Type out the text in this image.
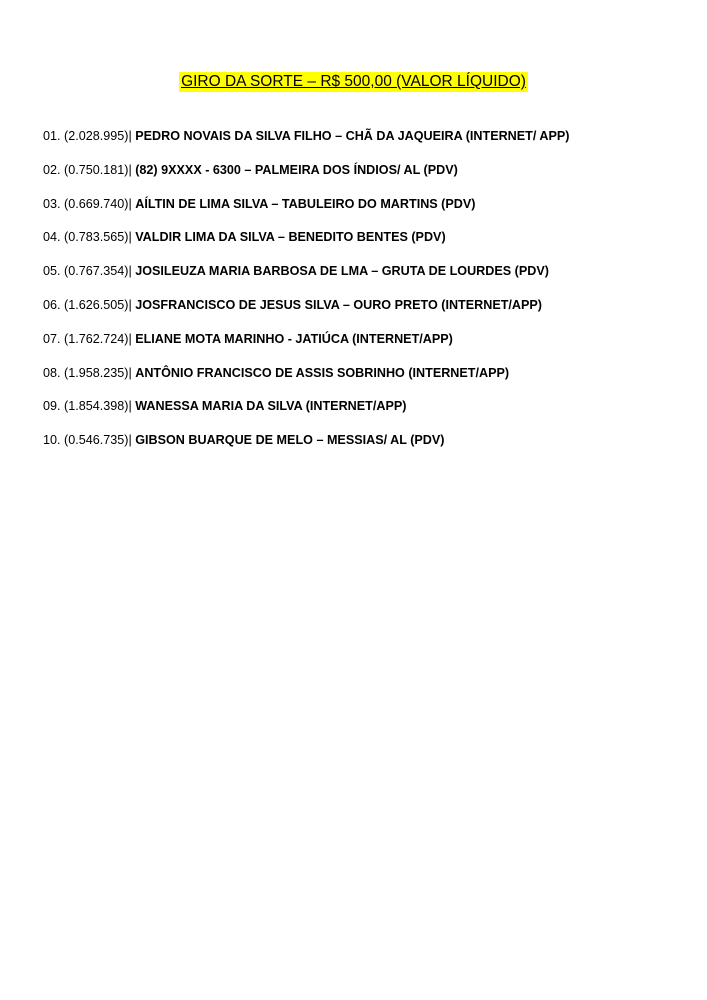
GIRO DA SORTE – R$ 500,00 (VALOR LÍQUIDO)
01. (2.028.995)| PEDRO NOVAIS DA SILVA FILHO – CHÃ DA JAQUEIRA (INTERNET/ APP)
02. (0.750.181)| (82) 9XXXX - 6300 – PALMEIRA DOS ÍNDIOS/ AL (PDV)
03. (0.669.740)| AÍLTIN DE LIMA SILVA – TABULEIRO DO MARTINS (PDV)
04. (0.783.565)| VALDIR LIMA DA SILVA – BENEDITO BENTES (PDV)
05. (0.767.354)| JOSILEUZA MARIA BARBOSA DE LMA – GRUTA DE LOURDES (PDV)
06. (1.626.505)| JOSFRANCISCO DE JESUS SILVA – OURO PRETO (INTERNET/APP)
07. (1.762.724)| ELIANE MOTA MARINHO - JATIÚCA (INTERNET/APP)
08. (1.958.235)| ANTÔNIO FRANCISCO DE ASSIS SOBRINHO (INTERNET/APP)
09. (1.854.398)| WANESSA MARIA DA SILVA (INTERNET/APP)
10. (0.546.735)| GIBSON BUARQUE DE MELO – MESSIAS/ AL (PDV)
